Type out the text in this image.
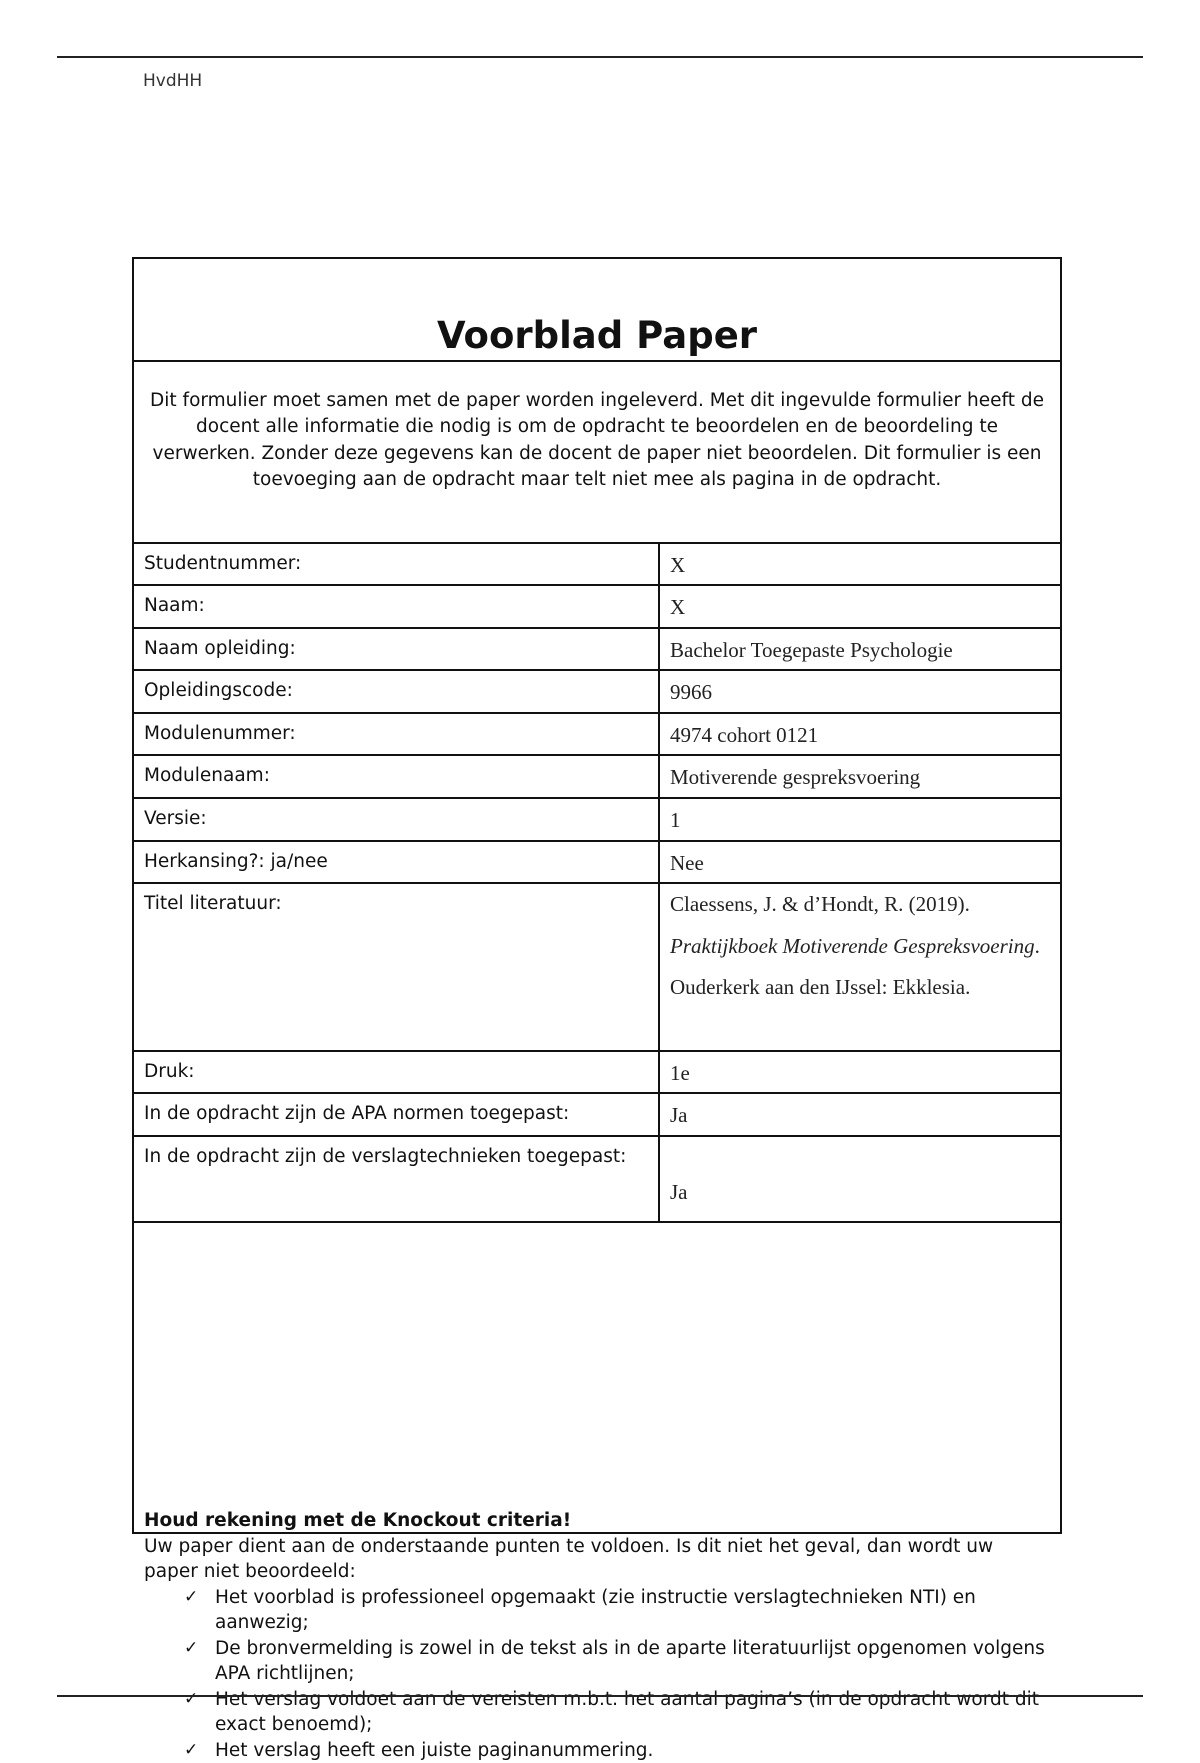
HvdHH
Voorblad Paper
Dit formulier moet samen met de paper worden ingeleverd. Met dit ingevulde formulier heeft de docent alle informatie die nodig is om de opdracht te beoordelen en de beoordeling te verwerken. Zonder deze gegevens kan de docent de paper niet beoordelen. Dit formulier is een toevoeging aan de opdracht maar telt niet mee als pagina in de opdracht.
Studentnummer:	X
Naam:	X
Naam opleiding:	Bachelor Toegepaste Psychologie
Opleidingscode:	9966
Modulenummer:	4974 cohort 0121
Modulenaam:	Motiverende gespreksvoering
Versie:	1
Herkansing?: ja/nee	Nee
Titel literatuur:	Claessens, J. & d’Hondt, R. (2019). Praktijkboek Motiverende Gespreksvoering. Ouderkerk aan den IJssel: Ekklesia.
Druk:	1e
In de opdracht zijn de APA normen toegepast:	Ja
In de opdracht zijn de verslagtechnieken toegepast:
Ja
Houd rekening met de Knockout criteria!
Uw paper dient aan de onderstaande punten te voldoen. Is dit niet het geval, dan wordt uw paper niet beoordeeld:
✓ Het voorblad is professioneel opgemaakt (zie instructie verslagtechnieken NTI) en aanwezig;
✓ De bronvermelding is zowel in de tekst als in de aparte literatuurlijst opgenomen volgens APA richtlijnen;
✓ Het verslag voldoet aan de vereisten m.b.t. het aantal pagina’s (in de opdracht wordt dit exact benoemd);
✓ Het verslag heeft een juiste paginanummering.
